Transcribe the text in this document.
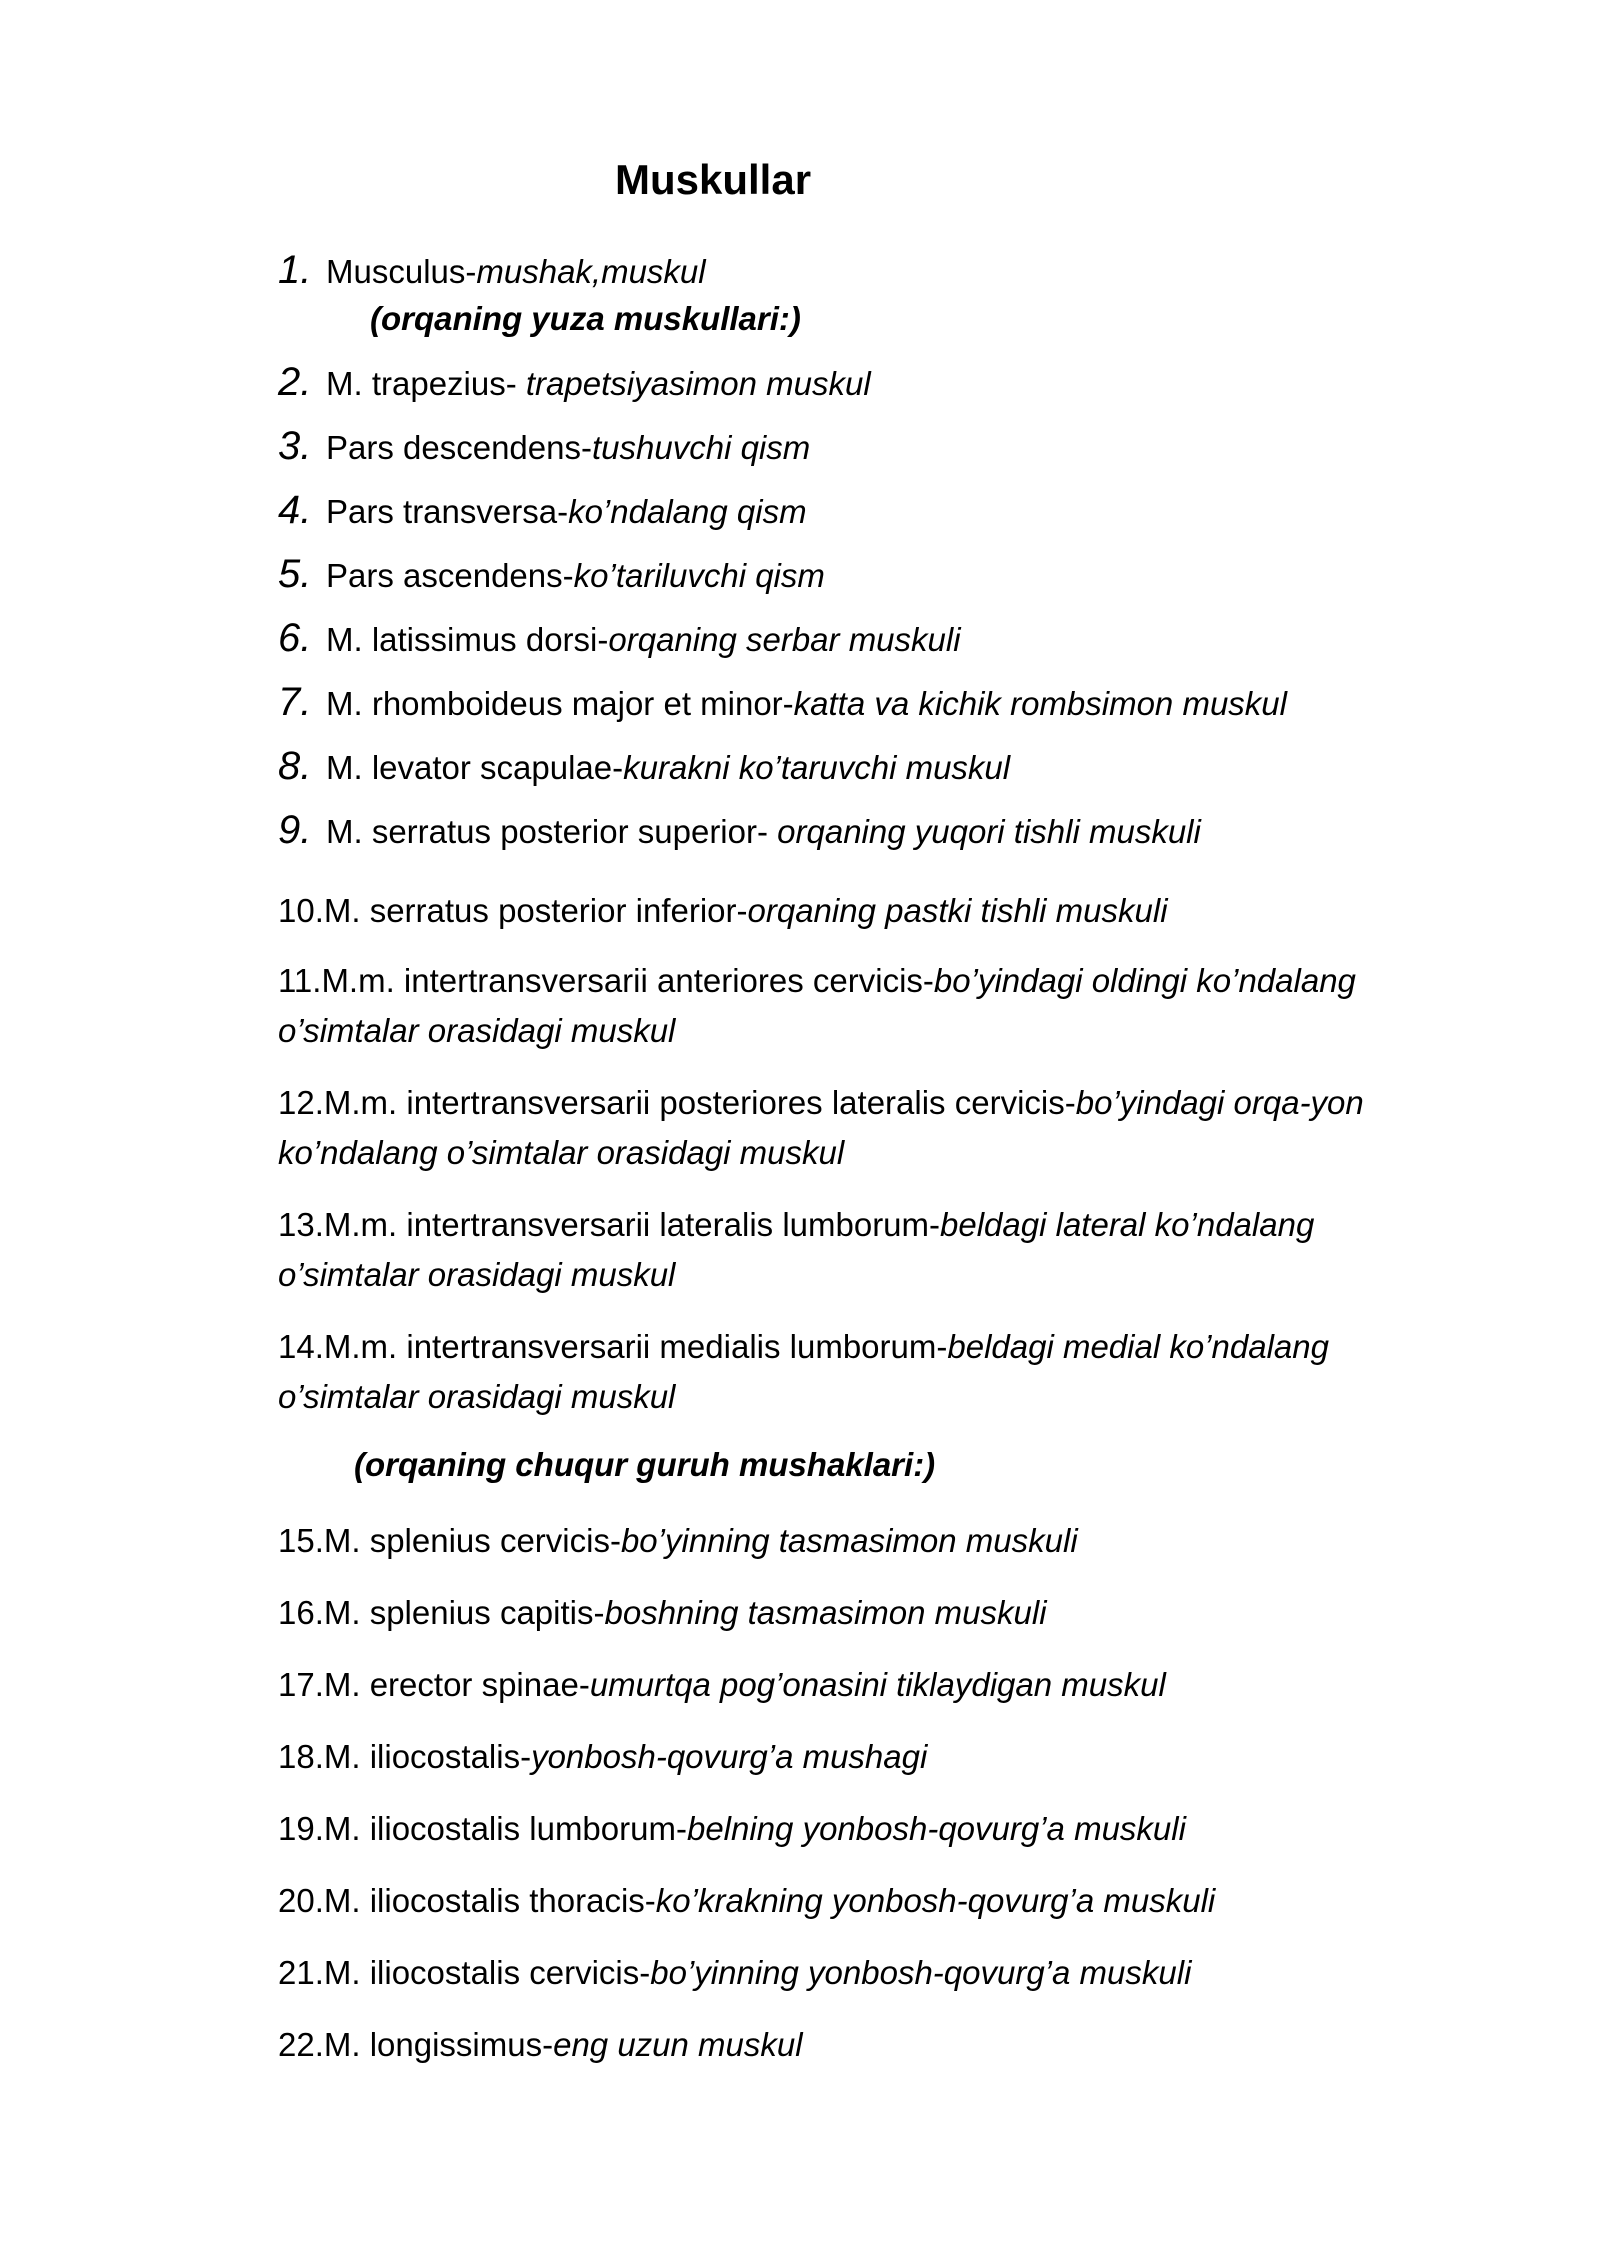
Muskullar
1. Musculus-mushak,muskul
(orqaning yuza muskullari:)
2. M. trapezius- trapetsiyasimon muskul
3. Pars descendens-tushuvchi qism
4. Pars transversa-ko’ndalang qism
5. Pars ascendens-ko’tariluvchi qism
6. M. latissimus dorsi-orqaning serbar muskuli
7. M. rhomboideus major et minor-katta va kichik rombsimon muskul
8. M. levator scapulae-kurakni ko’taruvchi muskul
9. M. serratus posterior superior- orqaning yuqori tishli muskuli
10.M. serratus posterior inferior-orqaning pastki tishli muskuli
11.M.m. intertransversarii anteriores cervicis-bo’yindagi oldingi ko’ndalang o’simtalar orasidagi muskul
12.M.m. intertransversarii posteriores lateralis cervicis-bo’yindagi orqa-yon ko’ndalang o’simtalar orasidagi muskul
13.M.m. intertransversarii lateralis lumborum-beldagi lateral ko’ndalang o’simtalar orasidagi muskul
14.M.m. intertransversarii medialis lumborum-beldagi medial ko’ndalang o’simtalar orasidagi muskul
(orqaning chuqur guruh mushaklari:)
15.M. splenius cervicis-bo’yinning tasmasimon muskuli
16.M. splenius capitis-boshning tasmasimon muskuli
17.M. erector spinae-umurtqa pog’onasini tiklaydigan muskul
18.M. iliocostalis-yonbosh-qovurg’a mushagi
19.M. iliocostalis lumborum-belning yonbosh-qovurg’a muskuli
20.M. iliocostalis thoracis-ko’krakning yonbosh-qovurg’a muskuli
21.M. iliocostalis cervicis-bo’yinning yonbosh-qovurg’a muskuli
22.M. longissimus-eng uzun muskul
